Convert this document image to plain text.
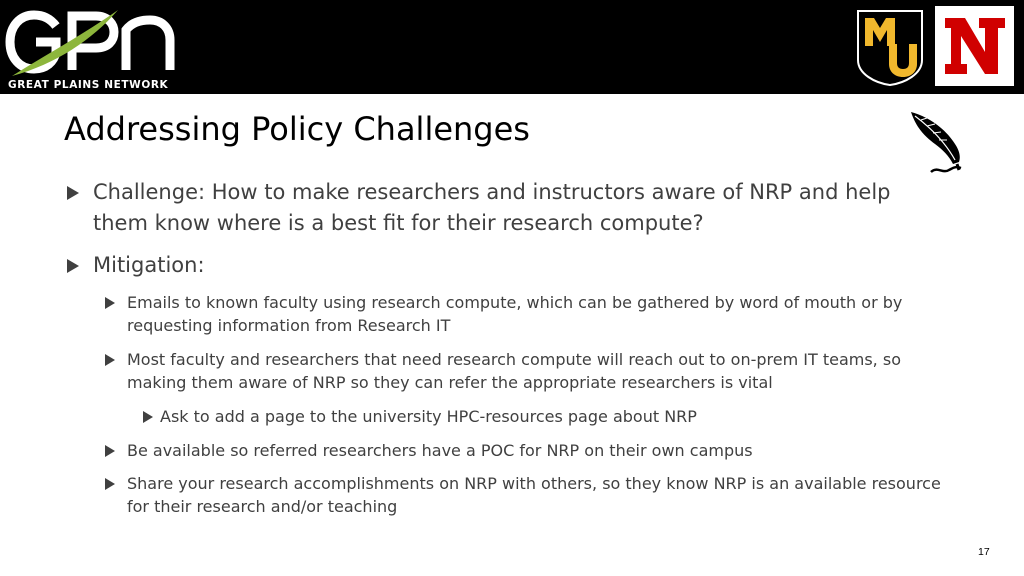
GREAT PLAINS NETWORK
Addressing Policy Challenges
Challenge: How to make researchers and instructors aware of NRP and help them know where is a best fit for their research compute?
Mitigation:
Emails to known faculty using research compute, which can be gathered by word of mouth or by requesting information from Research IT
Most faculty and researchers that need research compute will reach out to on-prem IT teams, so making them aware of NRP so they can refer the appropriate researchers is vital
Ask to add a page to the university HPC-resources page about NRP
Be available so referred researchers have a POC for NRP on their own campus
Share your research accomplishments on NRP with others, so they know NRP is an available resource for their research and/or teaching
17
